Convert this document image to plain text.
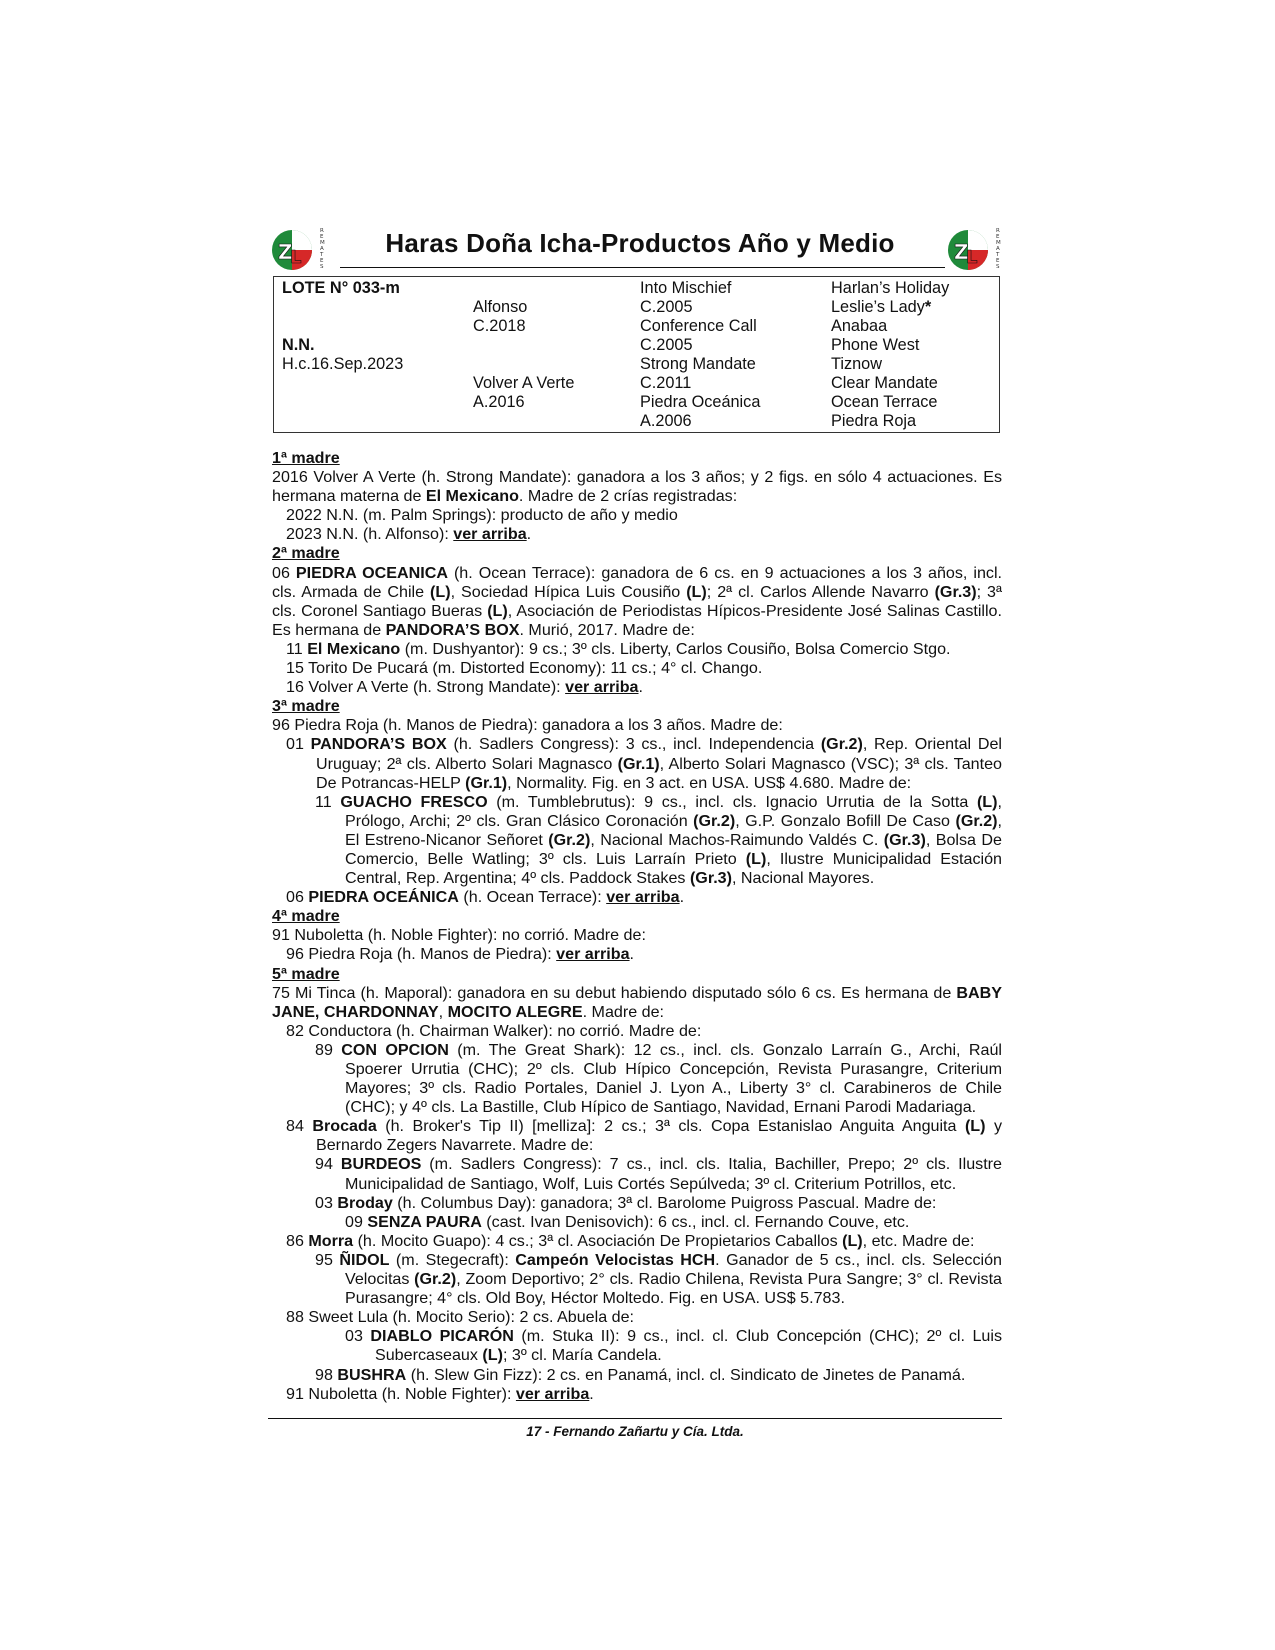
Z
L
R
E
M
A
T
E
S
Haras Doña Icha-Productos Año y Medio	Z
L
R
E
M
A
T
E
S
LOTE N° 033-m
N.N.
H.c.16.Sep.2023
Alfonso
C.2018
Volver A Verte
A.2016
Into Mischief
C.2005
Conference Call
C.2005
Strong Mandate
C.2011
Piedra Oceánica
A.2006
Harlan’s Holiday
Leslie’s Lady*
Anabaa
Phone West
Tiznow
Clear Mandate
Ocean Terrace
Piedra Roja

1ª madre

2016 Volver A Verte (h. Strong Mandate): ganadora a los 3 años; y 2 figs. en sólo 4 actuaciones. Es hermana materna de El Mexicano. Madre de 2 crías registradas:

2022 N.N. (m. Palm Springs): producto de año y medio

2023 N.N. (h. Alfonso): ver arriba.

2ª madre

06 PIEDRA OCEANICA (h. Ocean Terrace): ganadora de 6 cs. en 9 actuaciones a los 3 años, incl. cls. Armada de Chile (L), Sociedad Hípica Luis Cousiño (L); 2ª cl. Carlos Allende Navarro (Gr.3); 3ª cls. Coronel Santiago Bueras (L), Asociación de Periodistas Hípicos-Presidente José Salinas Castillo. Es hermana de PANDORA’S BOX. Murió, 2017. Madre de:

11 El Mexicano (m. Dushyantor): 9 cs.; 3º cls. Liberty, Carlos Cousiño, Bolsa Comercio Stgo.

15 Torito De Pucará (m. Distorted Economy): 11 cs.; 4° cl. Chango.

16 Volver A Verte (h. Strong Mandate): ver arriba.

3ª madre

96 Piedra Roja (h. Manos de Piedra): ganadora a los 3 años. Madre de:

01 PANDORA’S BOX (h. Sadlers Congress): 3 cs., incl. Independencia (Gr.2), Rep. Oriental Del Uruguay; 2ª cls. Alberto Solari Magnasco (Gr.1), Alberto Solari Magnasco (VSC); 3ª cls. Tanteo De Potrancas-HELP (Gr.1), Normality. Fig. en 3 act. en USA. US$ 4.680. Madre de:

11 GUACHO FRESCO (m. Tumblebrutus): 9 cs., incl. cls. Ignacio Urrutia de la Sotta (L), Prólogo, Archi; 2º cls. Gran Clásico Coronación (Gr.2), G.P. Gonzalo Bofill De Caso (Gr.2), El Estreno-Nicanor Señoret (Gr.2), Nacional Machos-Raimundo Valdés C. (Gr.3), Bolsa De Comercio, Belle Watling; 3º cls. Luis Larraín Prieto (L), Ilustre Municipalidad Estación Central, Rep. Argentina; 4º cls. Paddock Stakes (Gr.3), Nacional Mayores.

06 PIEDRA OCEÁNICA (h. Ocean Terrace): ver arriba.

4ª madre

91 Nuboletta (h. Noble Fighter): no corrió. Madre de:

96 Piedra Roja (h. Manos de Piedra): ver arriba.

5ª madre

75 Mi Tinca (h. Maporal): ganadora en su debut habiendo disputado sólo 6 cs. Es hermana de BABY JANE, CHARDONNAY, MOCITO ALEGRE. Madre de:

82 Conductora (h. Chairman Walker): no corrió. Madre de:

89 CON OPCION (m. The Great Shark): 12 cs., incl. cls. Gonzalo Larraín G., Archi, Raúl Spoerer Urrutia (CHC); 2º cls. Club Hípico Concepción, Revista Purasangre, Criterium Mayores; 3º cls. Radio Portales, Daniel J. Lyon A., Liberty 3° cl. Carabineros de Chile (CHC); y 4º cls. La Bastille, Club Hípico de Santiago, Navidad, Ernani Parodi Madariaga.

84 Brocada (h. Broker's Tip II) [melliza]: 2 cs.; 3ª cls. Copa Estanislao Anguita Anguita (L) y Bernardo Zegers Navarrete. Madre de:

94 BURDEOS (m. Sadlers Congress): 7 cs., incl. cls. Italia, Bachiller, Prepo; 2º cls. Ilustre Municipalidad de Santiago, Wolf, Luis Cortés Sepúlveda; 3º cl. Criterium Potrillos, etc.

03 Broday (h. Columbus Day): ganadora; 3ª cl. Barolome Puigross Pascual. Madre de:

09 SENZA PAURA (cast. Ivan Denisovich): 6 cs., incl. cl. Fernando Couve, etc.

86 Morra (h. Mocito Guapo): 4 cs.; 3ª cl. Asociación De Propietarios Caballos (L), etc. Madre de:

95 ÑIDOL (m. Stegecraft): Campeón Velocistas HCH. Ganador de 5 cs., incl. cls. Selección Velocitas (Gr.2), Zoom Deportivo; 2° cls. Radio Chilena, Revista Pura Sangre; 3° cl. Revista Purasangre; 4° cls. Old Boy, Héctor Moltedo. Fig. en USA. US$ 5.783.

88 Sweet Lula (h. Mocito Serio): 2 cs. Abuela de:

03 DIABLO PICARÓN (m. Stuka II): 9 cs., incl. cl. Club Concepción (CHC); 2º cl. Luis Subercaseaux (L); 3º cl. María Candela.

98 BUSHRA (h. Slew Gin Fizz): 2 cs. en Panamá, incl. cl. Sindicato de Jinetes de Panamá.

91 Nuboletta (h. Noble Fighter): ver arriba.

17 - Fernando Zañartu y Cía. Ltda.
